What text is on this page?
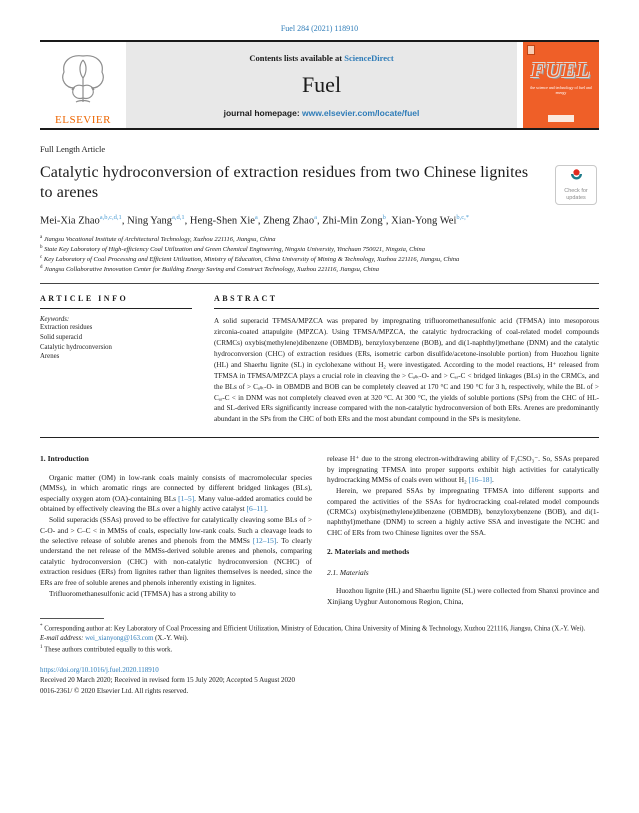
Fuel 284 (2021) 118910
ELSEVIER
Contents lists available at ScienceDirect
Fuel
journal homepage: www.elsevier.com/locate/fuel
FUEL
the science and technology of fuel and energy
Full Length Article
Catalytic hydroconversion of extraction residues from two Chinese lignites to arenes	Check for
updates
Mei-Xia Zhao$^{a,b,c,d,1}$, Ning Yang$^{a,d,1}$, Heng-Shen Xie$^a$, Zheng Zhao$^a$, Zhi-Min Zong$^b$, Xian-Yong Wei$^{b,c,*}$
$^a$ Jiangsu Vocational Institute of Architectural Technology, Xuzhou 221116, Jiangsu, China
$^b$ State Key Laboratory of High-efficiency Coal Utilization and Green Chemical Engineering, Ningxia University, Yinchuan 750021, Ningxia, China
$^c$ Key Laboratory of Coal Processing and Efficient Utilization, Ministry of Education, China University of Mining & Technology, Xuzhou 221116, Jiangsu, China
$^d$ Jiangsu Collaborative Innovation Center for Building Energy Saving and Construct Technology, Xuzhou 221116, Jiangsu, China
ARTICLE INFO
Keywords:
Extraction residues
Solid superacid
Catalytic hydroconversion
Arenes
ABSTRACT
A solid superacid TFMSA/MPZCA was prepared by impregnating trifluoromethanesulfonic acid (TFMSA) into mesoporous zirconia-coated attapulgite (MPZCA). Using TFMSA/MPZCA, the catalytic hydrocracking of coal-related model compounds (CRMCs) oxybis(methylene)dibenzene (OBMDB), benzyloxybenzene (BOB), and di(1-naphthyl)methane (DNM) and the catalytic hydroconversion (CHC) of extraction residues (ERs, isometric carbon disulfide/acetone-insoluble portion) from Huozhou lignite (HL) and Shaerhu lignite (SL) in cyclohexane without H₂ were investigated. According to the model reactions, H⁺ released from TFMSA in TFMSA/MPZCA plays a crucial role in cleaving the > Cₐₗₖ-O- and > Cₐᵣ-C < bridged linkages (BLs) in the CRMCs, and the BLs of > Cₐₗₖ-O- in OBMDB and BOB can be completely cleaved at 170 °C and 190 °C for 3 h, respectively, while the BL of > Cₐᵣ-C < in DNM was not completely cleaved even at 320 °C. At 300 °C, the yields of soluble portions (SPs) from the CHC of HL- and SL-derived ERs significantly increase compared with the non-catalytic hydroconversion of both ERs. Arenes are predominantly abundant in the SPs from the CHC of both ERs and the most abundant compound in the SPs is mesitylene.
1. Introduction

Organic matter (OM) in low-rank coals mainly consists of macromolecular species (MMSs), in which aromatic rings are connected by different bridged linkages (BLs), especially oxygen atom (OA)-containing BLs [1–5]. Many value-added aromatics could be obtained by effectively cleaving the BLs over a highly active catalyst [6–11].

Solid superacids (SSAs) proved to be effective for catalytically cleaving some BLs of > C-O- and > C–C < in MMSs of coals, especially low-rank coals. Such a cleavage leads to the selective release of soluble arenes and phenols from the MMSs [12–15]. To clearly understand the net release of the MMSs-derived soluble arenes and phenols, comparing catalytic hydroconversion (CHC) with non-catalytic hydroconversion (NCHC) of extraction residues (ERs) from lignites rather than lignites themselves is needed, since the ERs are free of soluble arenes and phenols inherently existing in lignites.

Trifluoromethanesulfonic acid (TFMSA) has a strong ability to

release H⁺ due to the strong electron-withdrawing ability of F₃CSO₃⁻. So, SSAs prepared by impregnating TFMSA into proper supports exhibit high activities for catalytically hydrocracking MMSs of coals even without H₂ [16–18].

Herein, we prepared SSAs by impregnating TFMSA into different supports and compared the activities of the SSAs for hydrocracking coal-related model compounds (CRMCs) oxybis(methylene)dibenzene (OBMDB), benzyloxybenzene (BOB), and di(1-naphthyl)methane (DNM) to screen a highly active SSA and investigate the NCHC and CHC of ERs from two Chinese lignites over the SSA.

2. Materials and methods
2.1. Materials

Huozhou lignite (HL) and Shaerhu lignite (SL) were collected from Shanxi province and Xinjiang Uyghur Autonomous Region, China,

* Corresponding author at: Key Laboratory of Coal Processing and Efficient Utilization, Ministry of Education, China University of Mining & Technology, Xuzhou 221116, Jiangsu, China (X.-Y. Wei).
E-mail address: wei_xianyong@163.com (X.-Y. Wei).
$^1$ These authors contributed equally to this work.
https://doi.org/10.1016/j.fuel.2020.118910
Received 20 March 2020; Received in revised form 15 July 2020; Accepted 5 August 2020
0016-2361/ © 2020 Elsevier Ltd. All rights reserved.
